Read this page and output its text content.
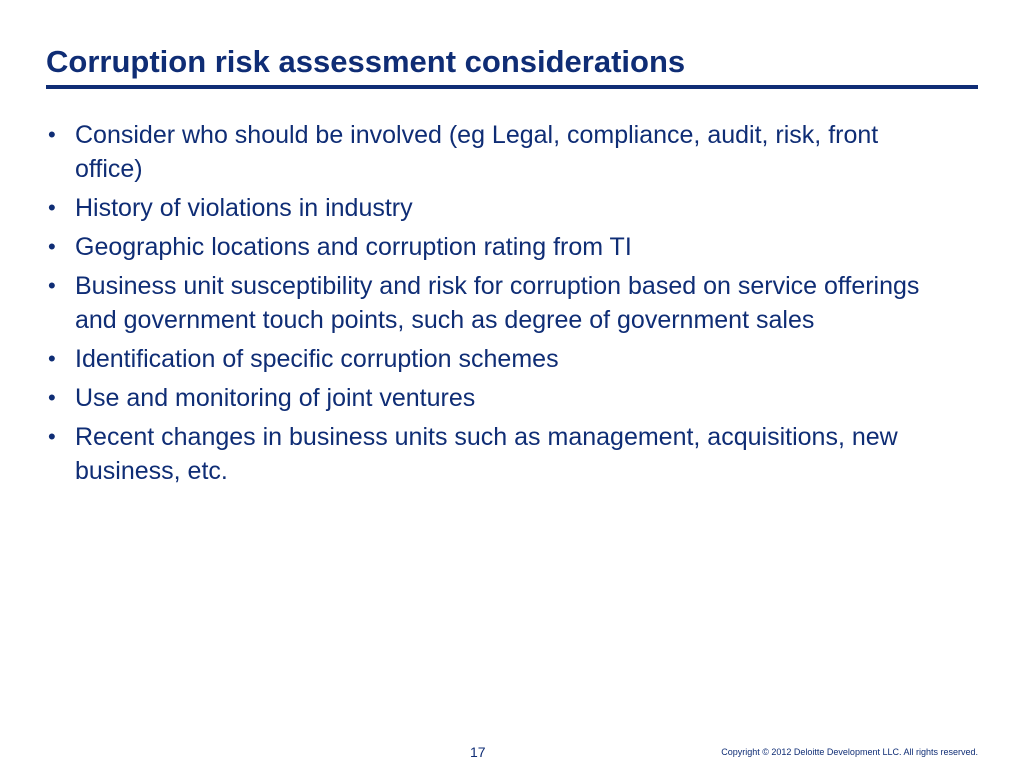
Corruption risk assessment considerations
• Consider who should be involved (eg Legal, compliance, audit, risk, front office)
• History of violations in industry
• Geographic locations and corruption rating from TI
• Business unit susceptibility and risk for corruption based on service offerings and government touch points, such as degree of government sales
• Identification of specific corruption schemes
• Use and monitoring of joint ventures
• Recent changes in business units such as management, acquisitions, new business, etc.
17	Copyright © 2012 Deloitte Development LLC. All rights reserved.
